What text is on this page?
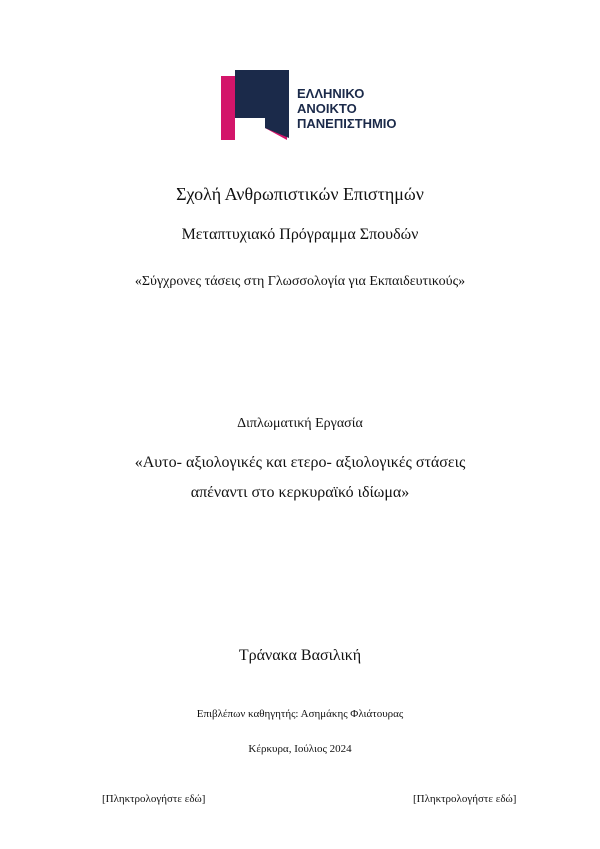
ΕΛΛΗΝΙΚΟ
ΑΝΟΙΚΤΟ
ΠΑΝΕΠΙΣΤΗΜΙΟ
Σχολή Ανθρωπιστικών Επιστημών
Μεταπτυχιακό Πρόγραμμα Σπουδών
«Σύγχρονες τάσεις στη Γλωσσολογία για Εκπαιδευτικούς»
Διπλωματική Εργασία
«Αυτο- αξιολογικές και ετερο- αξιολογικές στάσεις
απέναντι στο κερκυραϊκό ιδίωμα»
Τράνακα Βασιλική
Επιβλέπων καθηγητής: Ασημάκης Φλιάτουρας
Κέρκυρα, Ιούλιος 2024
[Πληκτρολογήστε εδώ]	[Πληκτρολογήστε εδώ]
